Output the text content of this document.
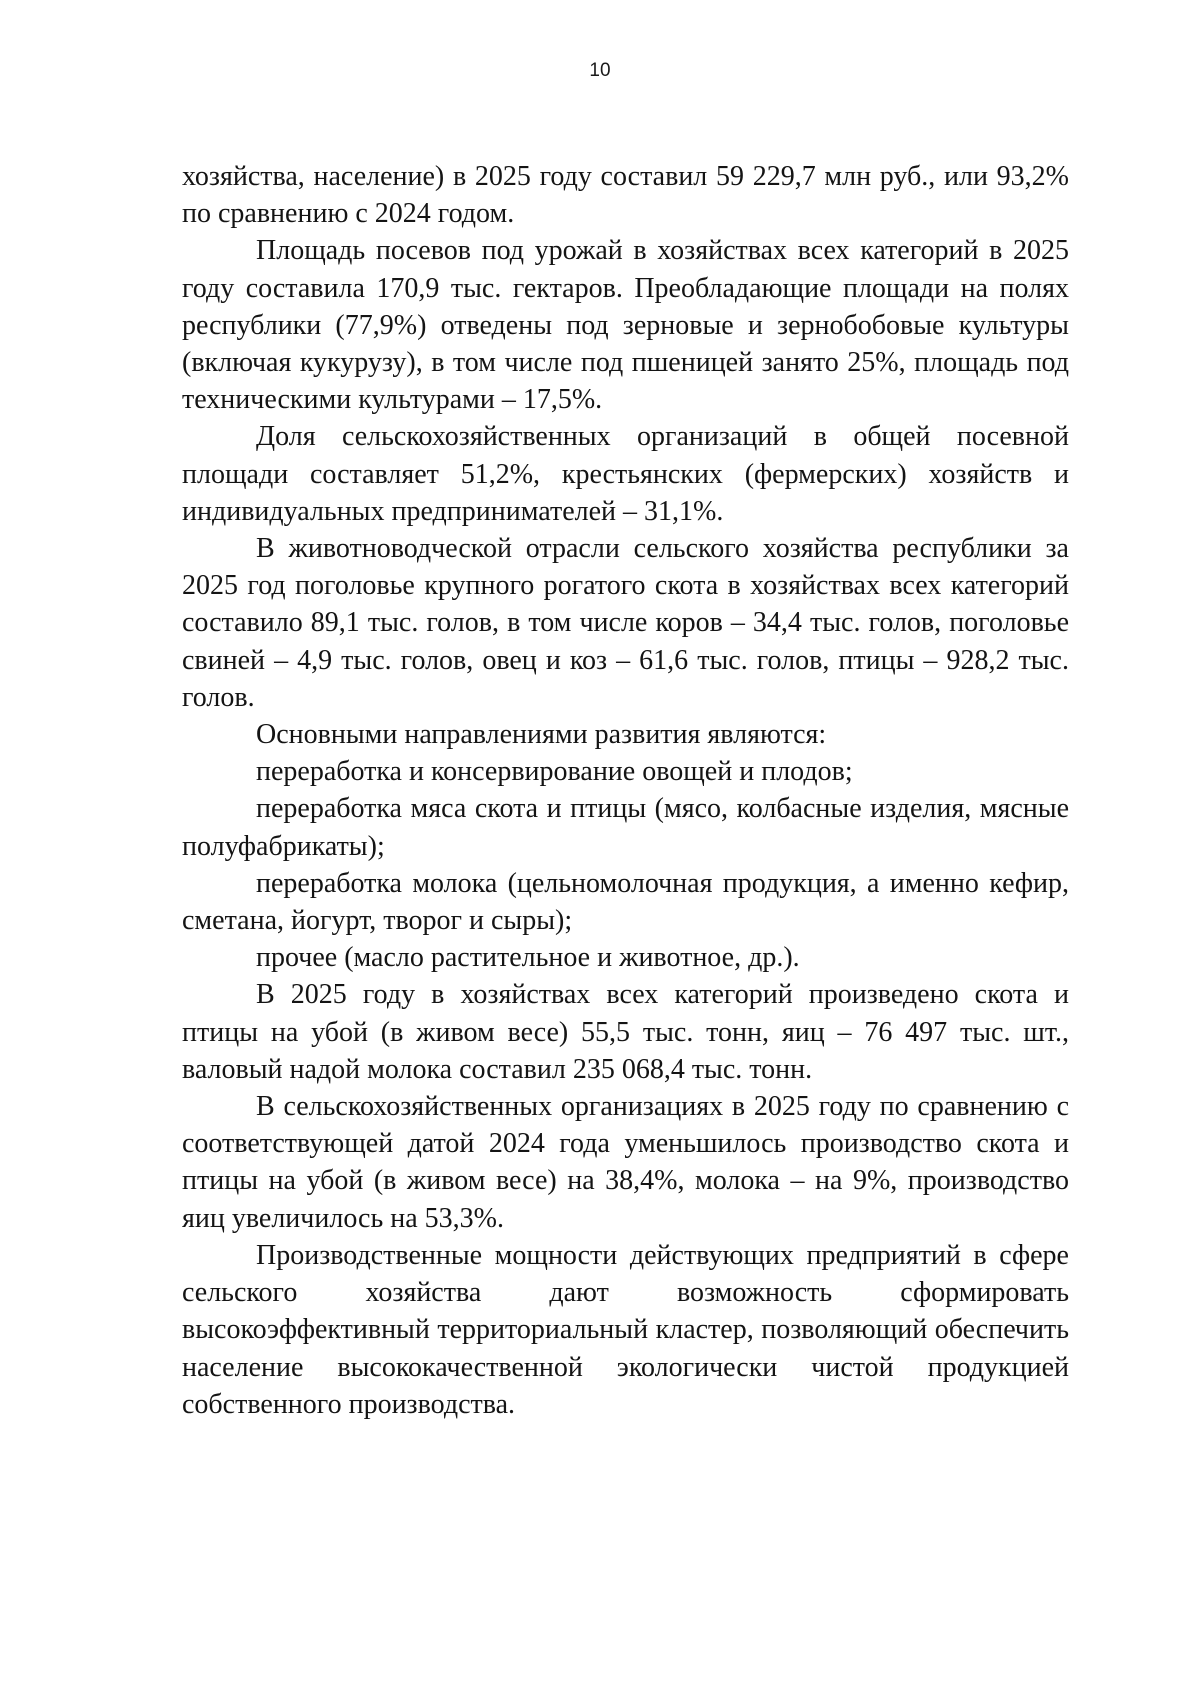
10

хозяйства, население) в 2025 году составил 59 229,7 млн руб., или 93,2% по сравнению с 2024 годом.

Площадь посевов под урожай в хозяйствах всех категорий в 2025 году составила 170,9 тыс. гектаров. Преобладающие площади на полях республики (77,9%) отведены под зерновые и зернобобовые культуры (включая кукурузу), в том числе под пшеницей занято 25%, площадь под техническими культурами – 17,5%.

Доля сельскохозяйственных организаций в общей посевной площади составляет 51,2%, крестьянских (фермерских) хозяйств и индивидуальных предпринимателей – 31,1%.

В животноводческой отрасли сельского хозяйства республики за 2025 год поголовье крупного рогатого скота в хозяйствах всех категорий составило 89,1 тыс. голов, в том числе коров – 34,4 тыс. голов, поголовье свиней – 4,9 тыс. голов, овец и коз – 61,6 тыс. голов, птицы – 928,2 тыс. голов.

Основными направлениями развития являются:

переработка и консервирование овощей и плодов;

переработка мяса скота и птицы (мясо, колбасные изделия, мясные полуфабрикаты);

переработка молока (цельномолочная продукция, а именно кефир, сметана, йогурт, творог и сыры);

прочее (масло растительное и животное, др.).

В 2025 году в хозяйствах всех категорий произведено скота и птицы на убой (в живом весе) 55,5 тыс. тонн, яиц – 76 497 тыс. шт., валовый надой молока составил 235 068,4 тыс. тонн.

В сельскохозяйственных организациях в 2025 году по сравнению с соответствующей датой 2024 года уменьшилось производство скота и птицы на убой (в живом весе) на 38,4%, молока – на 9%, производство яиц увеличилось на 53,3%.

Производственные мощности действующих предприятий в сфере сельского хозяйства дают возможность сформировать высокоэффективный территориальный кластер, позволяющий обеспечить население высококачественной экологически чистой продукцией собственного производства.
